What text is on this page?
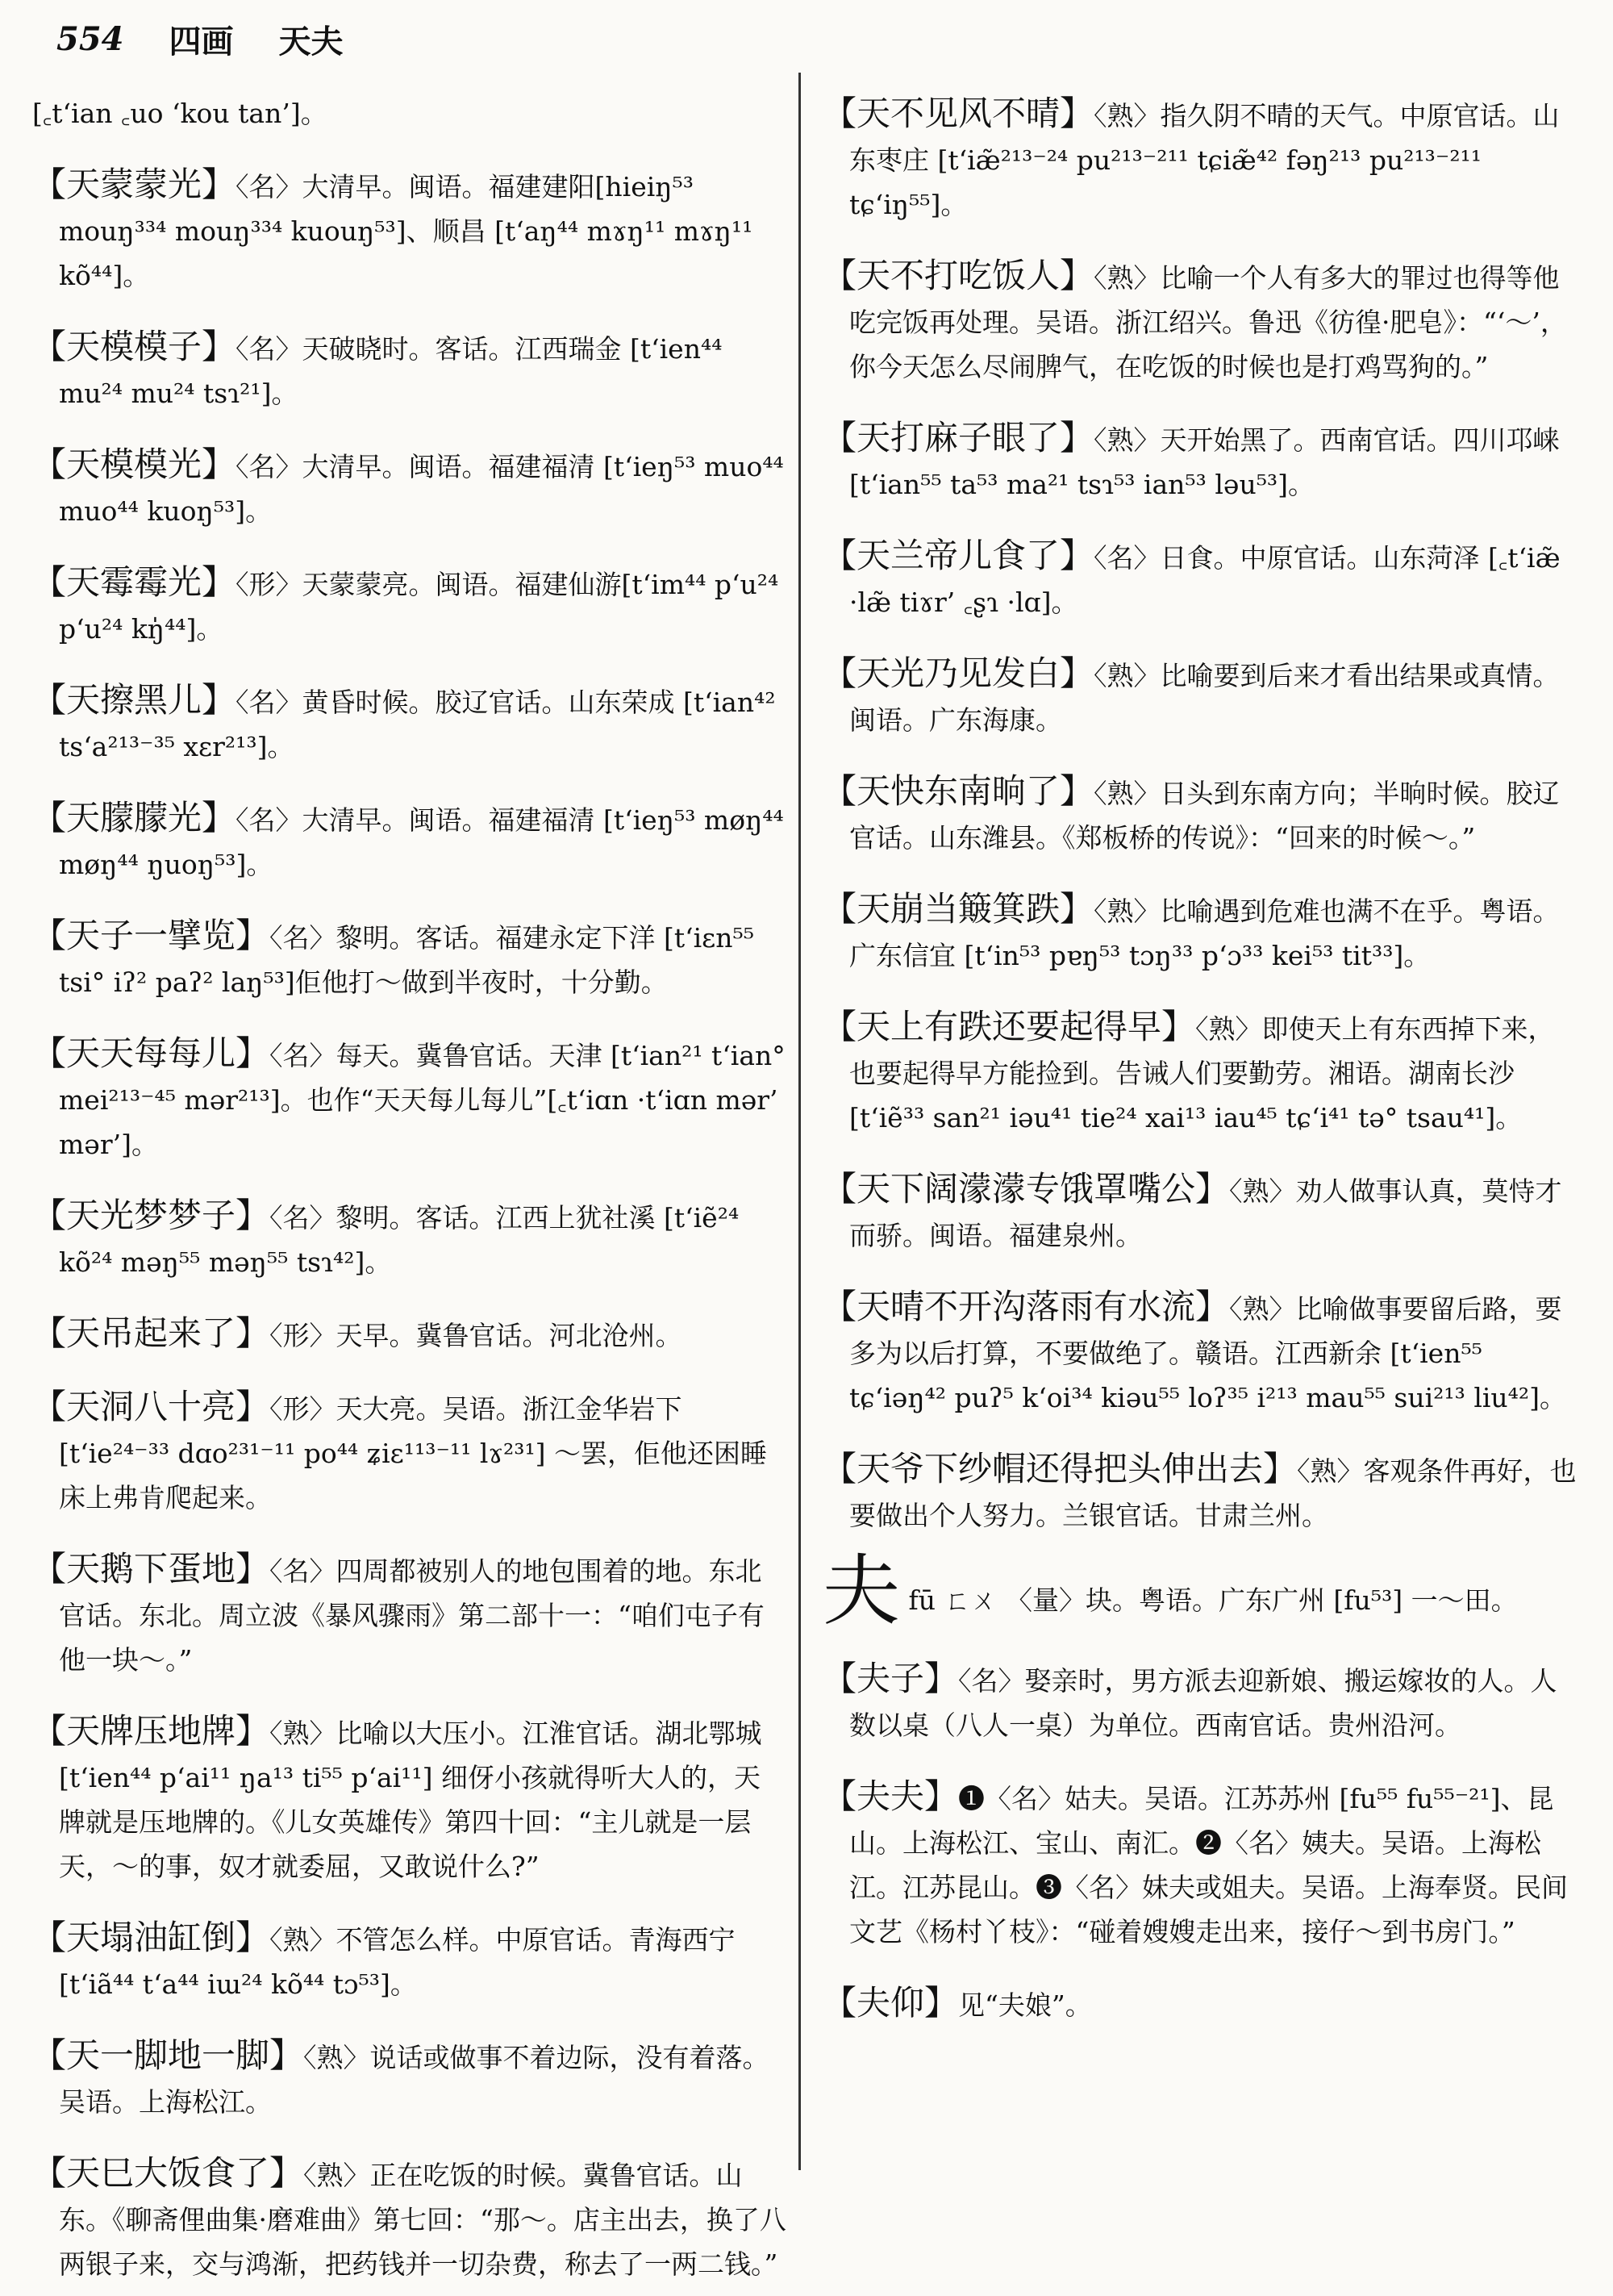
554 四画 天夫

[꜀t‘ian ꜀uo ‘kou tan’]。

【天蒙蒙光】〈名〉大清早。闽语。福建建阳[hieiŋ⁵³ mouŋ³³⁴ mouŋ³³⁴ kuouŋ⁵³]、顺昌 [t‘aŋ⁴⁴ mɤŋ¹¹ mɤŋ¹¹ kõ⁴⁴]。

【天模模子】〈名〉天破晓时。客话。江西瑞金 [t‘ien⁴⁴ mu²⁴ mu²⁴ tsɿ²¹]。

【天模模光】〈名〉大清早。闽语。福建福清 [t‘ieŋ⁵³ muo⁴⁴ muo⁴⁴ kuoŋ⁵³]。

【天霉霉光】〈形〉天蒙蒙亮。闽语。福建仙游[t‘im⁴⁴ p‘u²⁴ p‘u²⁴ kŋ̍⁴⁴]。

【天擦黑儿】〈名〉黄昏时候。胶辽官话。山东荣成 [t‘ian⁴² ts‘a²¹³⁻³⁵ xɛr²¹³]。

【天朦朦光】〈名〉大清早。闽语。福建福清 [t‘ieŋ⁵³ møŋ⁴⁴ møŋ⁴⁴ ŋuoŋ⁵³]。

【天子一擘览】〈名〉黎明。客话。福建永定下洋 [t‘iɛn⁵⁵ tsi° iʔ² paʔ² laŋ⁵³]佢他打～做到半夜时，十分勤。

【天天每每儿】〈名〉每天。冀鲁官话。天津 [t‘ian²¹ t‘ian° mei²¹³⁻⁴⁵ mər²¹³]。也作“天天每儿每儿”[꜀t‘iɑn ·t‘iɑn mər’ mər’]。

【天光梦梦子】〈名〉黎明。客话。江西上犹社溪 [t‘iẽ²⁴ kõ²⁴ məŋ⁵⁵ məŋ⁵⁵ tsɿ⁴²]。

【天吊起来了】〈形〉天早。冀鲁官话。河北沧州。

【天洞八十亮】〈形〉天大亮。吴语。浙江金华岩下 [t‘ie²⁴⁻³³ dɑo²³¹⁻¹¹ po⁴⁴ ʑiɛ¹¹³⁻¹¹ lɤ²³¹] ～罢，佢他还困睡床上弗肯爬起来。

【天鹅下蛋地】〈名〉四周都被别人的地包围着的地。东北官话。东北。周立波《暴风骤雨》第二部十一：“咱们屯子有他一块～。”

【天牌压地牌】〈熟〉比喻以大压小。江淮官话。湖北鄂城 [t‘ien⁴⁴ p‘ai¹¹ ŋa¹³ ti⁵⁵ p‘ai¹¹] 细伢小孩就得听大人的，天牌就是压地牌的。《儿女英雄传》第四十回：“主儿就是一层天，～的事，奴才就委屈，又敢说什么?”

【天塌油缸倒】〈熟〉不管怎么样。中原官话。青海西宁 [t‘iã⁴⁴ t‘a⁴⁴ iɯ²⁴ kõ⁴⁴ tɔ⁵³]。

【天一脚地一脚】〈熟〉说话或做事不着边际，没有着落。吴语。上海松江。

【天巳大饭食了】〈熟〉正在吃饭的时候。冀鲁官话。山东。《聊斋俚曲集·磨难曲》第七回：“那～。店主出去，换了八两银子来，交与鸿渐，把药钱并一切杂费，称去了一两二钱。”

【天不见风不晴】〈熟〉指久阴不晴的天气。中原官话。山东枣庄 [t‘iæ̃²¹³⁻²⁴ pu²¹³⁻²¹¹ tɕiæ̃⁴² fəŋ²¹³ pu²¹³⁻²¹¹ tɕ‘iŋ⁵⁵]。

【天不打吃饭人】〈熟〉比喻一个人有多大的罪过也得等他吃完饭再处理。吴语。浙江绍兴。鲁迅《彷徨·肥皂》：“‘～’，你今天怎么尽闹脾气，在吃饭的时候也是打鸡骂狗的。”

【天打麻子眼了】〈熟〉天开始黑了。西南官话。四川邛崃 [t‘ian⁵⁵ ta⁵³ ma²¹ tsɿ⁵³ ian⁵³ ləu⁵³]。

【天兰帝儿食了】〈名〉日食。中原官话。山东菏泽 [꜀t‘iæ̃ ·læ̃ tiɤr’ ꜀ʂɿ ·lɑ]。

【天光乃见发白】〈熟〉比喻要到后来才看出结果或真情。闽语。广东海康。

【天快东南晌了】〈熟〉日头到东南方向；半晌时候。胶辽官话。山东潍县。《郑板桥的传说》：“回来的时候～。”

【天崩当簸箕跌】〈熟〉比喻遇到危难也满不在乎。粤语。广东信宜 [t‘in⁵³ pɐŋ⁵³ tɔŋ³³ p‘ɔ³³ kei⁵³ tit³³]。

【天上有跌还要起得早】〈熟〉即使天上有东西掉下来，也要起得早方能捡到。告诫人们要勤劳。湘语。湖南长沙 [t‘iẽ³³ san²¹ iəu⁴¹ tie²⁴ xai¹³ iau⁴⁵ tɕ‘i⁴¹ tə° tsau⁴¹]。

【天下阔濛濛专饿罩嘴公】〈熟〉劝人做事认真，莫恃才而骄。闽语。福建泉州。

【天晴不开沟落雨有水流】〈熟〉比喻做事要留后路，要多为以后打算，不要做绝了。赣语。江西新余 [t‘ien⁵⁵ tɕ‘iəŋ⁴² puʔ⁵ k‘oi³⁴ kiəu⁵⁵ loʔ³⁵ i²¹³ mau⁵⁵ sui²¹³ liu⁴²]。

【天爷下纱帽还得把头伸出去】〈熟〉客观条件再好，也要做出个人努力。兰银官话。甘肃兰州。

夫 fū ㄈㄨ 〈量〉块。粤语。广东广州 [fu⁵³] 一～田。

【夫子】〈名〉娶亲时，男方派去迎新娘、搬运嫁妆的人。人数以桌（八人一桌）为单位。西南官话。贵州沿河。

【夫夫】❶〈名〉姑夫。吴语。江苏苏州 [fu⁵⁵ fu⁵⁵⁻²¹]、昆山。上海松江、宝山、南汇。❷〈名〉姨夫。吴语。上海松江。江苏昆山。❸〈名〉妹夫或姐夫。吴语。上海奉贤。民间文艺《杨村丫枝》：“碰着嫂嫂走出来，接仔～到书房门。”

【夫仰】见“夫娘”。
